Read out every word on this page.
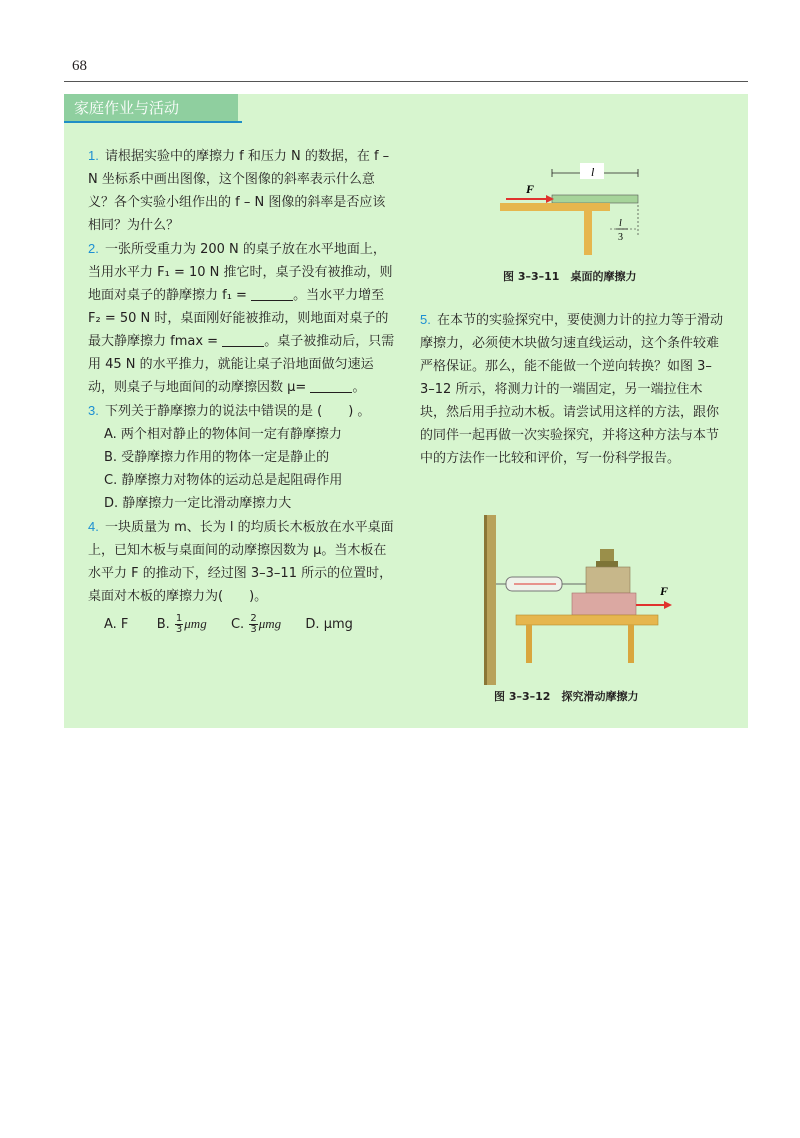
68
家庭作业与活动
1. 请根据实验中的摩擦力 f 和压力 N 的数据，在 f – N 坐标系中画出图像，这个图像的斜率表示什么意义？各个实验小组作出的 f – N 图像的斜率是否应该相同？为什么？
2. 一张所受重力为 200 N 的桌子放在水平地面上，当用水平力 F₁ = 10 N 推它时，桌子没有被推动，则地面对桌子的静摩擦力 f₁ =	。当水平力增至 F₂ = 50 N 时，桌面刚好能被推动，则地面对桌子的最大静摩擦力 fmax =	。桌子被推动后，只需用 45 N 的水平推力，就能让桌子沿地面做匀速运动，则桌子与地面间的动摩擦因数 μ=	。
3. 下列关于静摩擦力的说法中错误的是 (　　) 。
A. 两个相对静止的物体间一定有静摩擦力
B. 受静摩擦力作用的物体一定是静止的
C. 静摩擦力对物体的运动总是起阻碍作用
D. 静摩擦力一定比滑动摩擦力大
4. 一块质量为 m、长为 l 的均质长木板放在水平桌面上，已知木板与桌面间的动摩擦因数为 μ。当木板在水平力 F 的推动下，经过图 3–3–11 所示的位置时，桌面对木板的摩擦力为(　　)。
A. F B. $\frac{1}{3}$ μmg C. $\frac{2}{3}$ μmg D. μmg
l
F
l
3
图 3–3–11　桌面的摩擦力
5. 在本节的实验探究中，要使测力计的拉力等于滑动摩擦力，必须使木块做匀速直线运动，这个条件较难严格保证。那么，能不能做一个逆向转换？如图 3–3–12 所示，将测力计的一端固定，另一端拉住木块，然后用手拉动木板。请尝试用这样的方法，跟你的同伴一起再做一次实验探究，并将这种方法与本节中的方法作一比较和评价，写一份科学报告。
F
图 3–3–12　探究滑动摩擦力
